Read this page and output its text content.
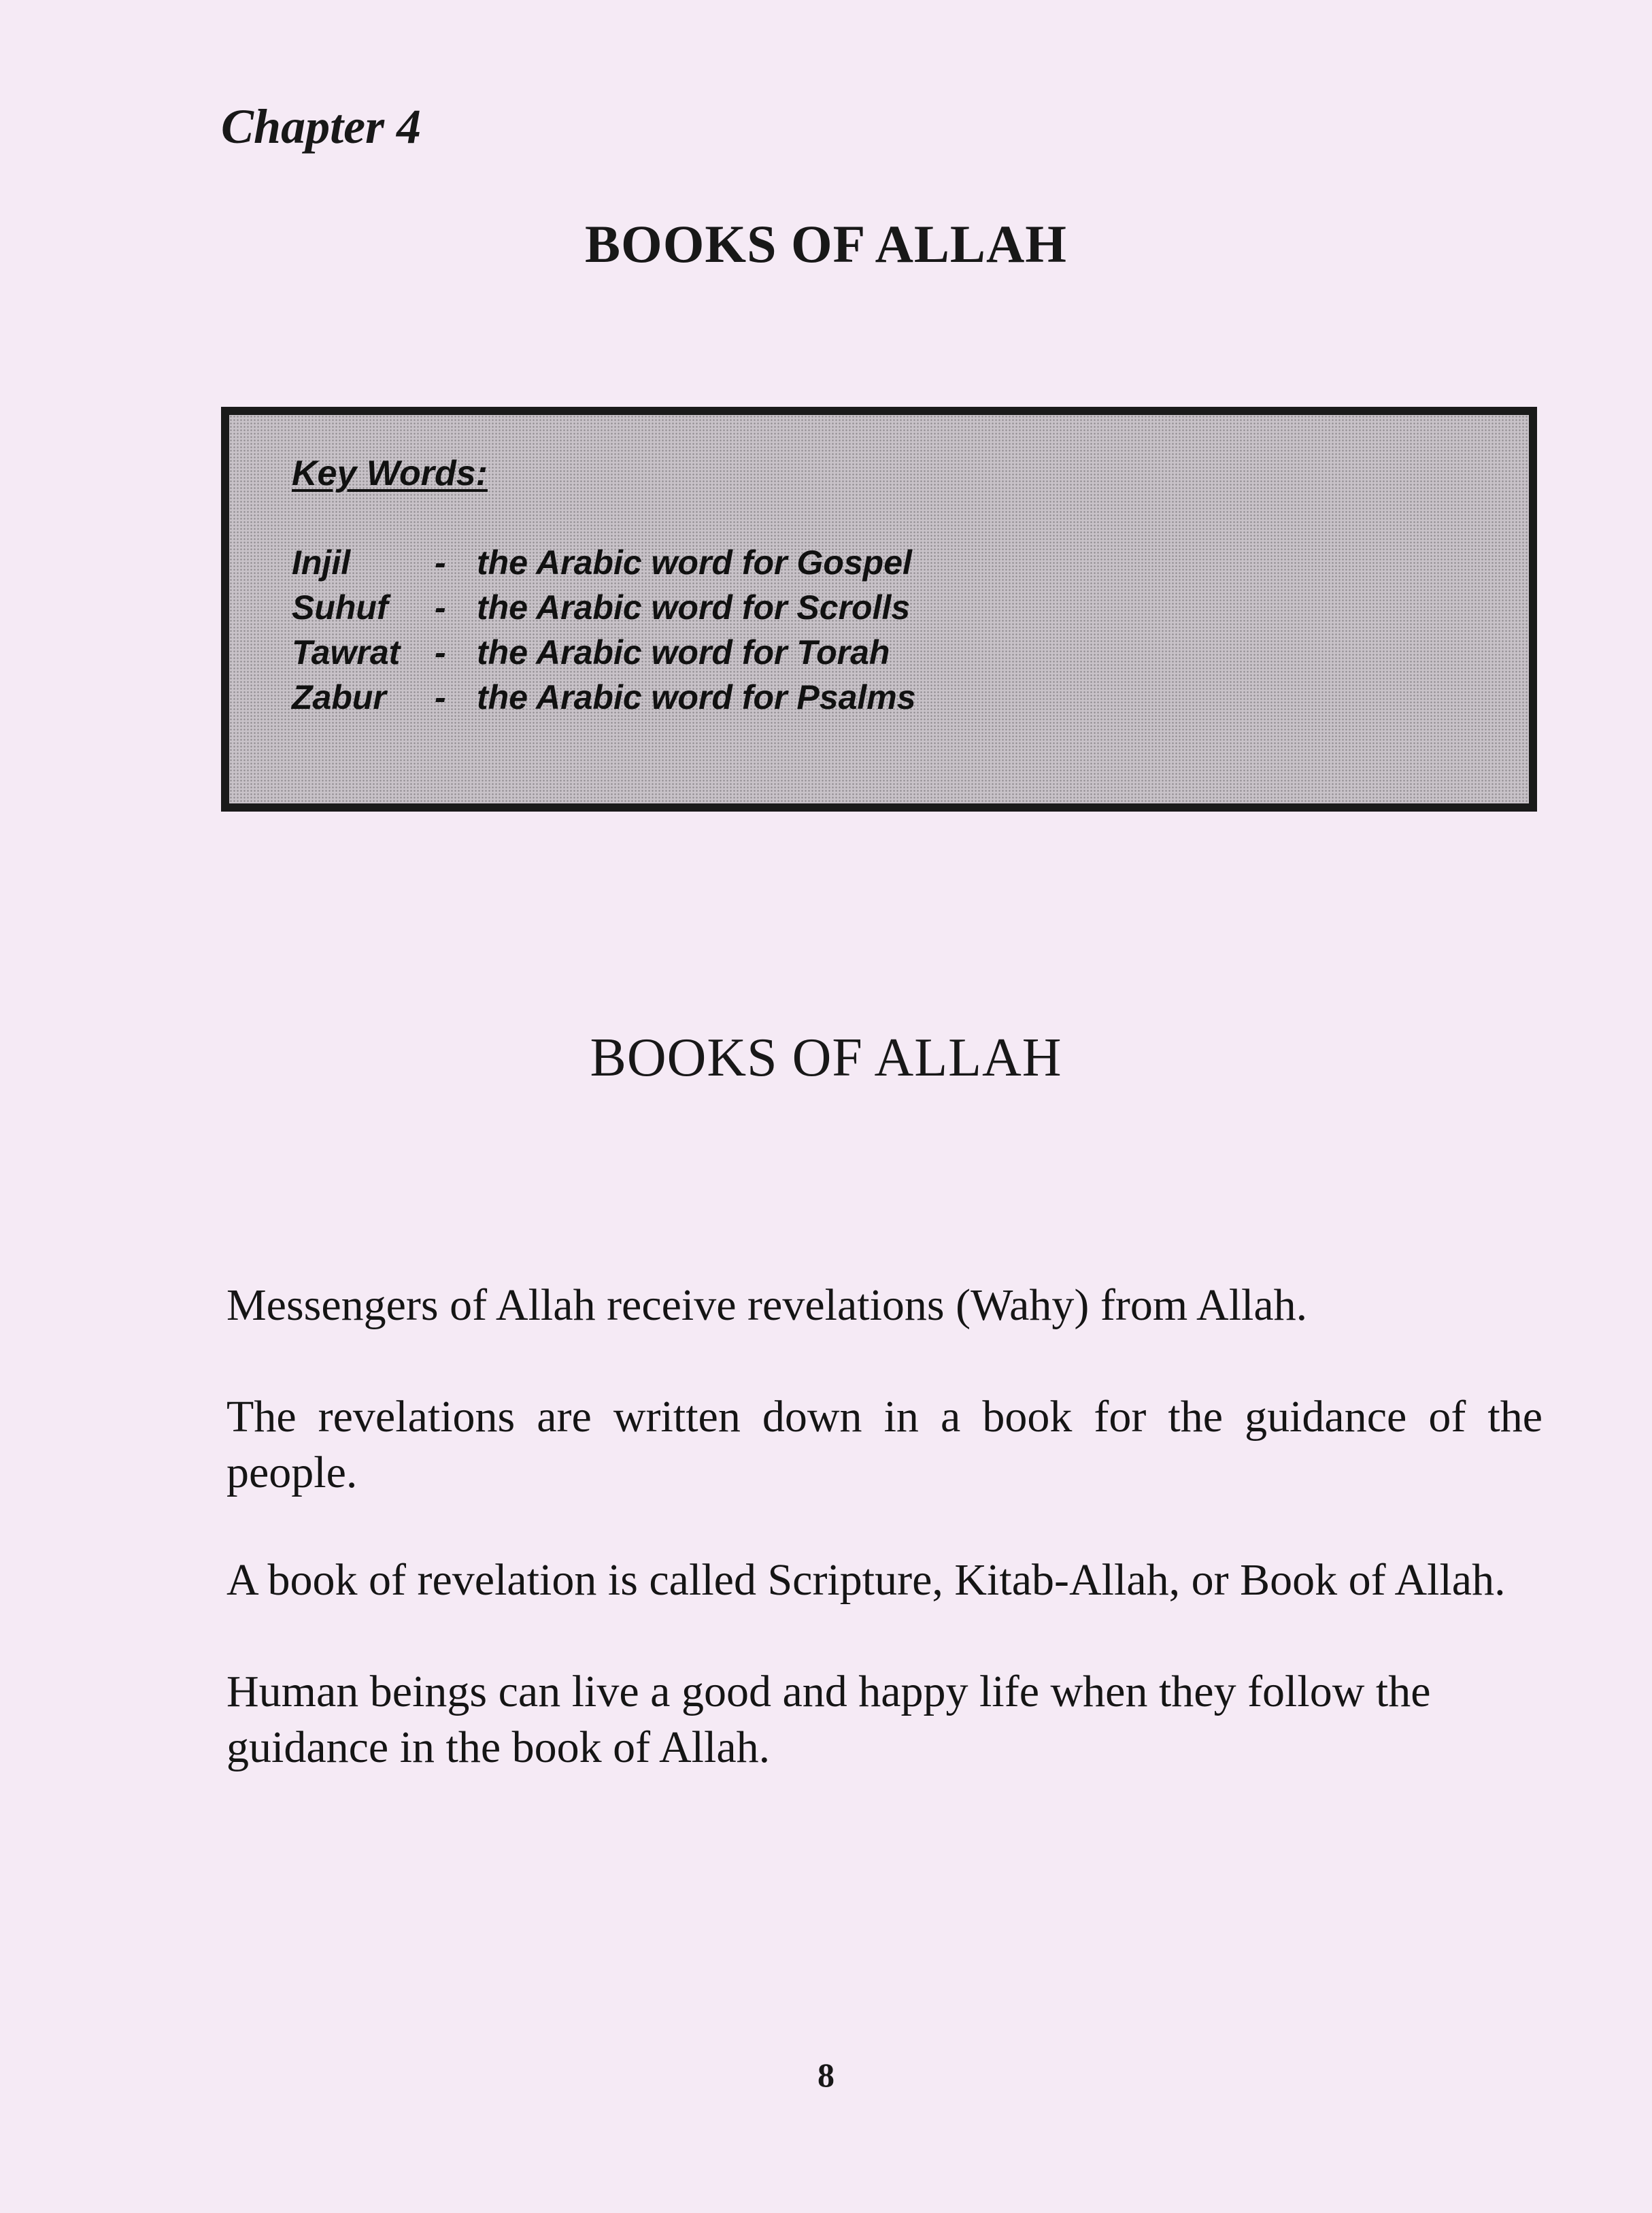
Chapter 4
BOOKS OF ALLAH
Key Words:
Injil - the Arabic word for Gospel
Suhuf - the Arabic word for Scrolls
Tawrat - the Arabic word for Torah
Zabur - the Arabic word for Psalms
BOOKS OF ALLAH
Messengers of Allah receive revelations (Wahy) from Allah.
The revelations are written down in a book for the guidance of the people.
A book of revelation is called Scripture, Kitab-Allah, or Book of Allah.
Human beings can live a good and happy life when they follow the guidance in the book of Allah.
8
